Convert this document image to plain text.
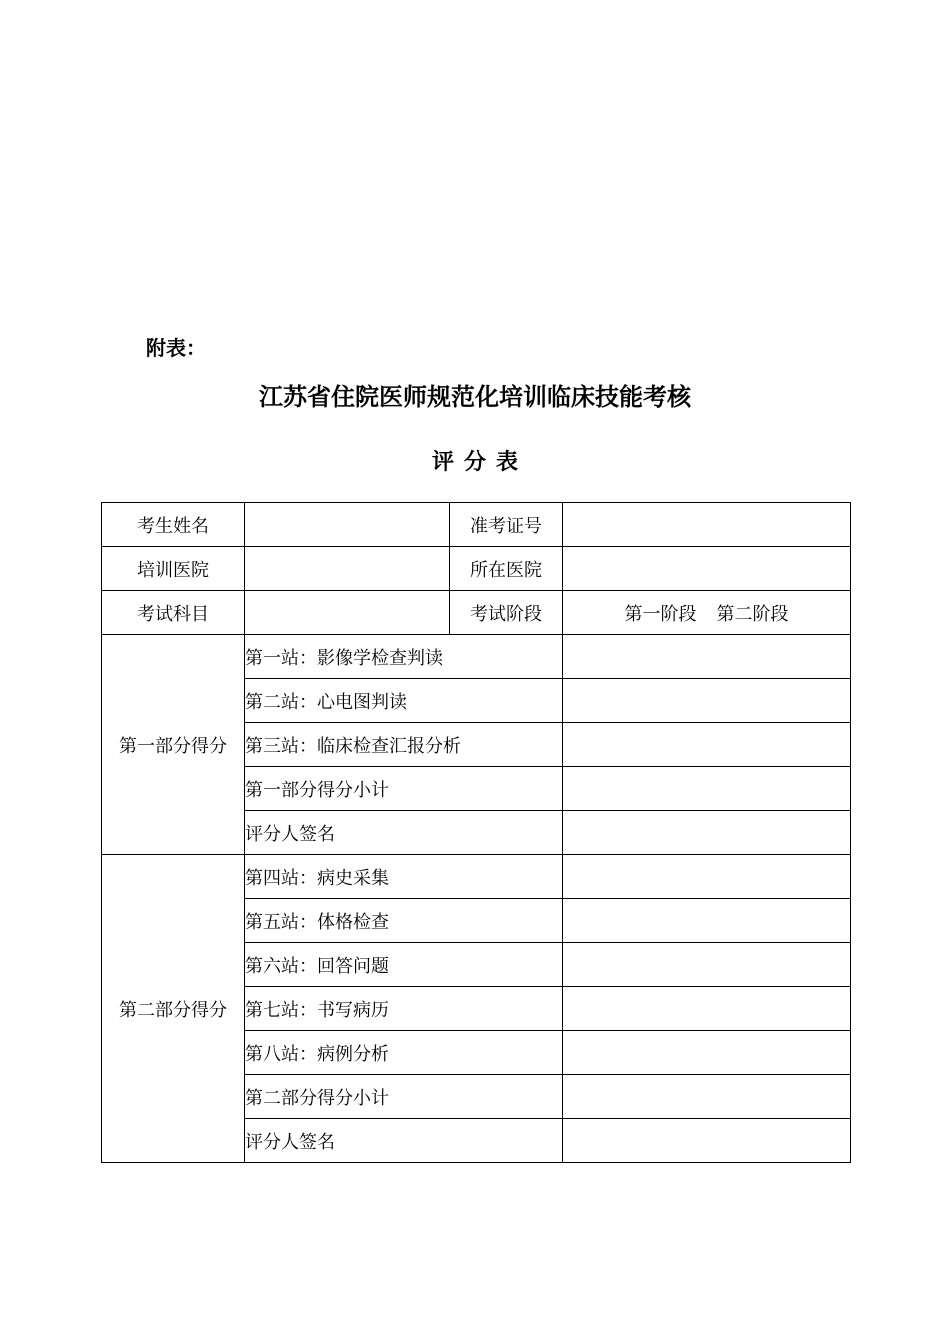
附表：
江苏省住院医师规范化培训临床技能考核
评分表
考生姓名		准考证号	
培训医院		所在医院	
考试科目		考试阶段	第一阶段 第二阶段
第一部分得分	第一站：影像学检查判读		
	第二站：心电图判读		
	第三站：临床检查汇报分析		
	第一部分得分小计		
	评分人签名		
第二部分得分	第四站：病史采集		
	第五站：体格检查		
	第六站：回答问题		
	第七站：书写病历		
	第八站：病例分析		
	第二部分得分小计		
	评分人签名		
